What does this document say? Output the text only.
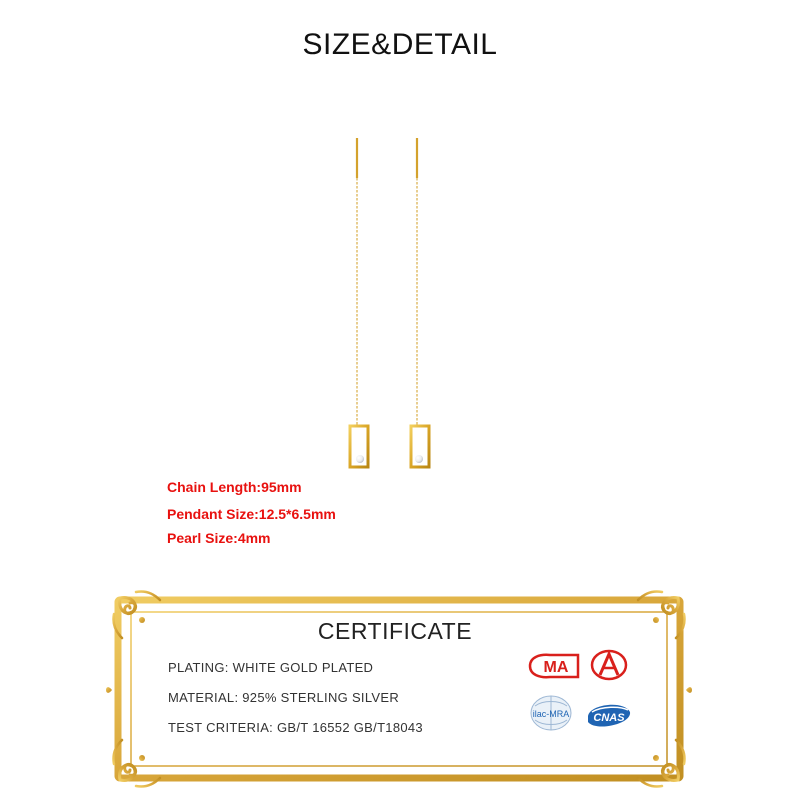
SIZE&DETAIL
Chain Length:95mm
Pendant Size:12.5*6.5mm
Pearl Size:4mm
CERTIFICATE
PLATING: WHITE GOLD PLATED
MATERIAL: 925% STERLING SILVER
TEST CRITERIA: GB/T 16552 GB/T18043
MA
ilac-MRA CNAS
